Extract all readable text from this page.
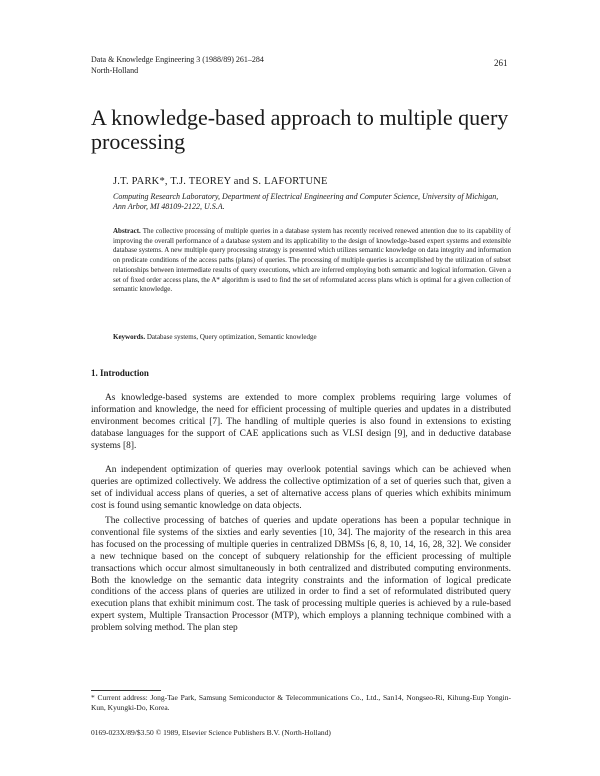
Data & Knowledge Engineering 3 (1988/89) 261–284
North-Holland
261
A knowledge-based approach to multiple query processing
J.T. PARK*, T.J. TEOREY and S. LAFORTUNE
Computing Research Laboratory, Department of Electrical Engineering and Computer Science, University of Michigan, Ann Arbor, MI 48109-2122, U.S.A.

Abstract. The collective processing of multiple queries in a database system has recently received renewed attention due to its capability of improving the overall performance of a database system and its applicability to the design of knowledge-based expert systems and extensible database systems. A new multiple query processing strategy is presented which utilizes semantic knowledge on data integrity and information on predicate conditions of the access paths (plans) of queries. The processing of multiple queries is accomplished by the utilization of subset relationships between intermediate results of query executions, which are inferred employing both semantic and logical information. Given a set of fixed order access plans, the A* algorithm is used to find the set of reformulated access plans which is optimal for a given collection of semantic knowledge.

Keywords. Database systems, Query optimization, Semantic knowledge

1. Introduction

As knowledge-based systems are extended to more complex problems requiring large volumes of information and knowledge, the need for efficient processing of multiple queries and updates in a distributed environment becomes critical [7]. The handling of multiple queries is also found in extensions to existing database languages for the support of CAE applications such as VLSI design [9], and in deductive database systems [8].

An independent optimization of queries may overlook potential savings which can be achieved when queries are optimized collectively. We address the collective optimization of a set of queries such that, given a set of individual access plans of queries, a set of alternative access plans of queries which exhibits minimum cost is found using semantic knowledge on data objects.

The collective processing of batches of queries and update operations has been a popular technique in conventional file systems of the sixties and early seventies [10, 34]. The majority of the research in this area has focused on the processing of multiple queries in centralized DBMSs [6, 8, 10, 14, 16, 28, 32]. We consider a new technique based on the concept of subquery relationship for the efficient processing of multiple transactions which occur almost simultaneously in both centralized and distributed computing environments. Both the knowledge on the semantic data integrity constraints and the information of logical predicate conditions of the access plans of queries are utilized in order to find a set of reformulated distributed query execution plans that exhibit minimum cost. The task of processing multiple queries is achieved by a rule-based expert system, Multiple Transaction Processor (MTP), which employs a planning technique combined with a problem solving method. The plan step

* Current address: Jong-Tae Park, Samsung Semiconductor & Telecommunications Co., Ltd., San14, Nongseo-Ri, Kihung-Eup Yongin-Kun, Kyungki-Do, Korea.

0169-023X/89/$3.50 © 1989, Elsevier Science Publishers B.V. (North-Holland)
